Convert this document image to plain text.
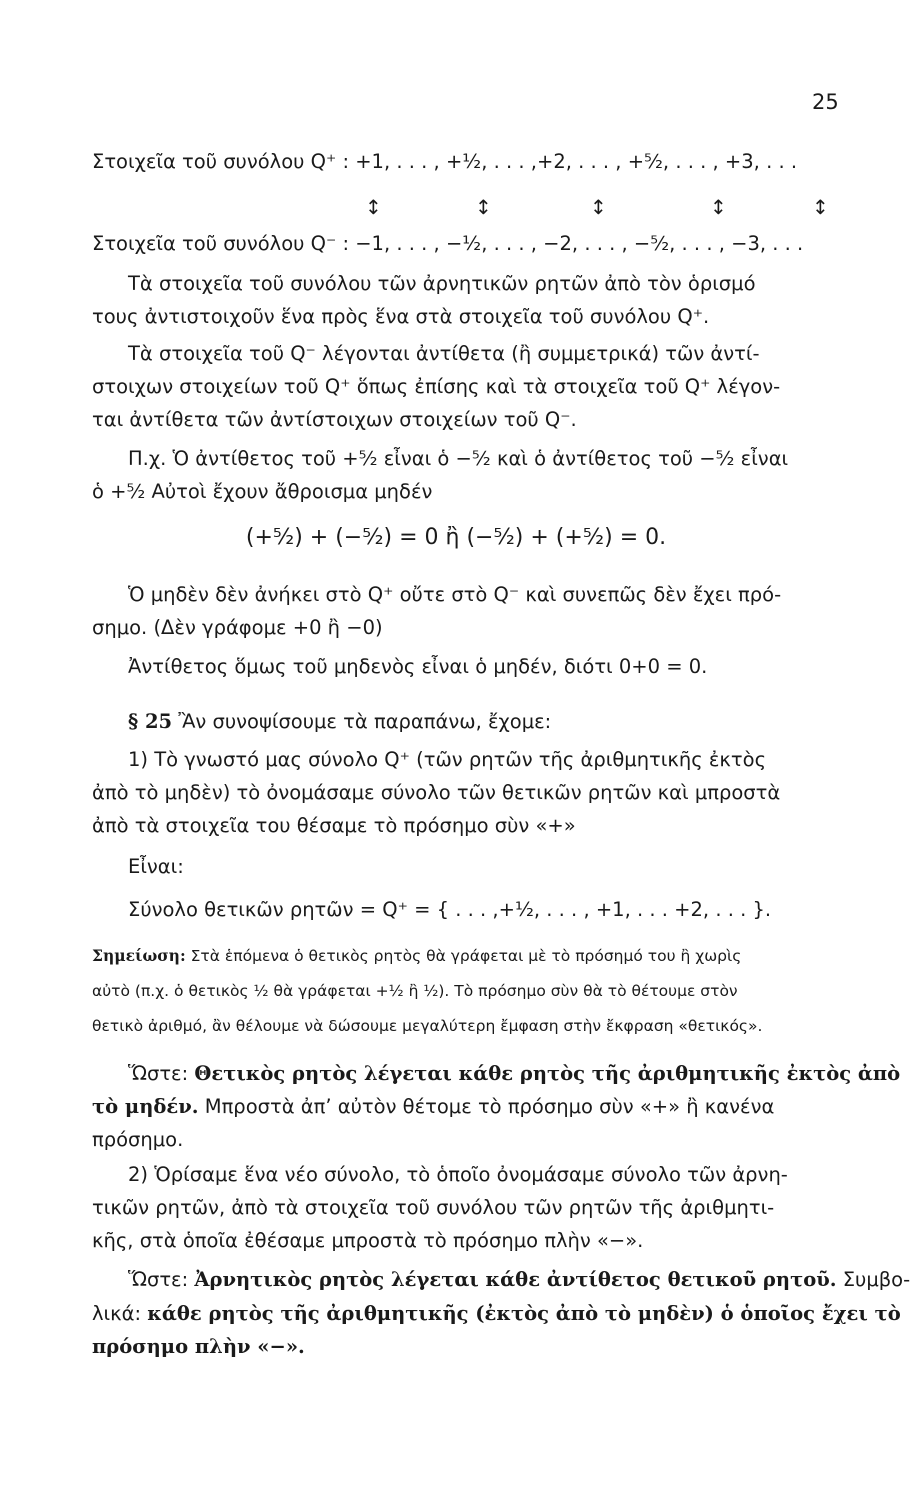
25
Στοιχεῖα τοῦ συνόλου Q⁺ : +1, . . . , +½, . . . ,+2, . . . , +⁵⁄₂, . . . , +3, . . .
↕	↕	↕	↕	↕
Στοιχεῖα τοῦ συνόλου Q⁻ : −1, . . . , −½, . . . , −2, . . . , −⁵⁄₂, . . . , −3, . . .
Τὰ στοιχεῖα τοῦ συνόλου τῶν ἀρνητικῶν ρητῶν ἀπὸ τὸν ὁρισμό
τους ἀντιστοιχοῦν ἕνα πρὸς ἕνα στὰ στοιχεῖα τοῦ συνόλου Q⁺.
Τὰ στοιχεῖα τοῦ Q⁻ λέγονται ἀντίθετα (ἢ συμμετρικά) τῶν ἀντί-
στοιχων στοιχείων τοῦ Q⁺ ὅπως ἐπίσης καὶ τὰ στοιχεῖα τοῦ Q⁺ λέγον-
ται ἀντίθετα τῶν ἀντίστοιχων στοιχείων τοῦ Q⁻.
Π.χ. Ὁ ἀντίθετος τοῦ +⁵⁄₂ εἶναι ὁ −⁵⁄₂ καὶ ὁ ἀντίθετος τοῦ −⁵⁄₂ εἶναι
ὁ +⁵⁄₂ Αὐτοὶ ἔχουν ἄθροισμα μηδέν
(+⁵⁄₂) + (−⁵⁄₂) = 0 ἢ (−⁵⁄₂) + (+⁵⁄₂) = 0.
Ὁ μηδὲν δὲν ἀνήκει στὸ Q⁺ οὔτε στὸ Q⁻ καὶ συνεπῶς δὲν ἔχει πρό-
σημο. (Δὲν γράφομε +0 ἢ −0)
Ἀντίθετος ὅμως τοῦ μηδενὸς εἶναι ὁ μηδέν, διότι 0+0 = 0.
§ 25 Ἂν συνοψίσουμε τὰ παραπάνω, ἔχομε:
1) Τὸ γνωστό μας σύνολο Q⁺ (τῶν ρητῶν τῆς ἀριθμητικῆς ἐκτὸς
ἀπὸ τὸ μηδὲν) τὸ ὀνομάσαμε σύνολο τῶν θετικῶν ρητῶν καὶ μπροστὰ
ἀπὸ τὰ στοιχεῖα του θέσαμε τὸ πρόσημο σὺν «+»
Εἶναι:
Σύνολο θετικῶν ρητῶν = Q⁺ = { . . . ,+½, . . . , +1, . . . +2, . . . }.
Σημείωση: Στὰ ἑπόμενα ὁ θετικὸς ρητὸς θὰ γράφεται μὲ τὸ πρόσημό του ἢ χωρὶς
αὐτὸ (π.χ. ὁ θετικὸς ½ θὰ γράφεται +½ ἢ ½). Τὸ πρόσημο σὺν θὰ τὸ θέτουμε στὸν
θετικὸ ἀριθμό, ἂν θέλουμε νὰ δώσουμε μεγαλύτερη ἔμφαση στὴν ἔκφραση «θετικός».
Ὥστε: Θετικὸς ρητὸς λέγεται κάθε ρητὸς τῆς ἀριθμητικῆς ἐκτὸς ἀπὸ
τὸ μηδέν. Μπροστὰ ἀπ’ αὐτὸν θέτομε τὸ πρόσημο σὺν «+» ἢ κανένα
πρόσημο.
2) Ὁρίσαμε ἕνα νέο σύνολο, τὸ ὁποῖο ὀνομάσαμε σύνολο τῶν ἀρνη-
τικῶν ρητῶν, ἀπὸ τὰ στοιχεῖα τοῦ συνόλου τῶν ρητῶν τῆς ἀριθμητι-
κῆς, στὰ ὁποῖα ἐθέσαμε μπροστὰ τὸ πρόσημο πλὴν «−».
Ὥστε: Ἀρνητικὸς ρητὸς λέγεται κάθε ἀντίθετος θετικοῦ ρητοῦ. Συμβο-
λικά: κάθε ρητὸς τῆς ἀριθμητικῆς (ἐκτὸς ἀπὸ τὸ μηδὲν) ὁ ὁποῖος ἔχει τὸ
πρόσημο πλὴν «−».
